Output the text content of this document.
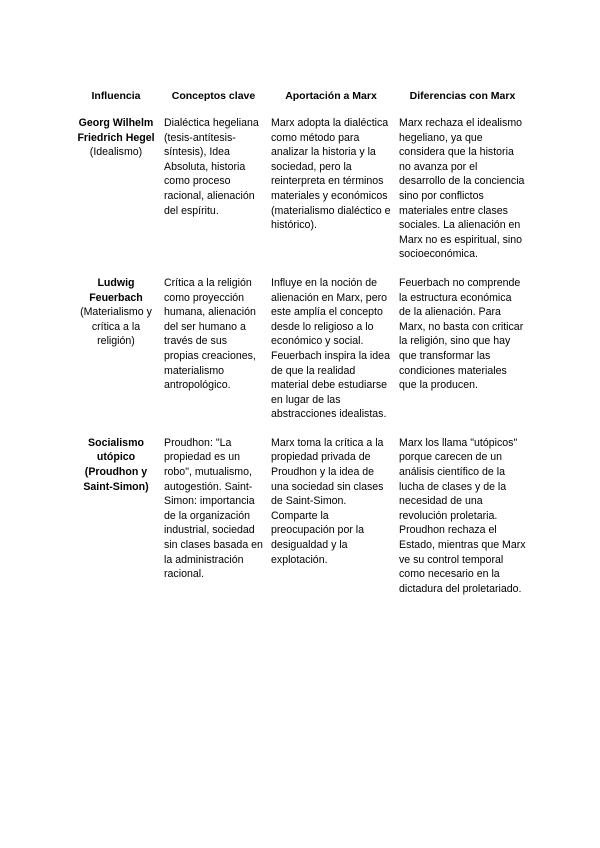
Influencia	Conceptos clave	Aportación a Marx	Diferencias con Marx

Georg Wilhelm Friedrich Hegel
(Idealismo)	Dialéctica hegeliana (tesis-antítesis-síntesis), Idea Absoluta, historia como proceso racional, alienación del espíritu.	Marx adopta la dialéctica como método para analizar la historia y la sociedad, pero la reinterpreta en términos materiales y económicos (materialismo dialéctico e histórico).	Marx rechaza el idealismo hegeliano, ya que considera que la historia no avanza por el desarrollo de la conciencia sino por conflictos materiales entre clases sociales. La alienación en Marx no es espiritual, sino socioeconómica.

Ludwig Feuerbach
(Materialismo y crítica a la religión)	Crítica a la religión como proyección humana, alienación del ser humano a través de sus propias creaciones, materialismo antropológico.	Influye en la noción de alienación en Marx, pero este amplía el concepto desde lo religioso a lo económico y social. Feuerbach inspira la idea de que la realidad material debe estudiarse en lugar de las abstracciones idealistas.	Feuerbach no comprende la estructura económica de la alienación. Para Marx, no basta con criticar la religión, sino que hay que transformar las condiciones materiales que la producen.

Socialismo utópico (Proudhon y Saint-Simon)	Proudhon: "La propiedad es un robo", mutualismo, autogestión. Saint-Simon: importancia de la organización industrial, sociedad sin clases basada en la administración racional.	Marx toma la crítica a la propiedad privada de Proudhon y la idea de una sociedad sin clases de Saint-Simon. Comparte la preocupación por la desigualdad y la explotación.	Marx los llama "utópicos" porque carecen de un análisis científico de la lucha de clases y de la necesidad de una revolución proletaria. Proudhon rechaza el Estado, mientras que Marx ve su control temporal como necesario en la dictadura del proletariado.
